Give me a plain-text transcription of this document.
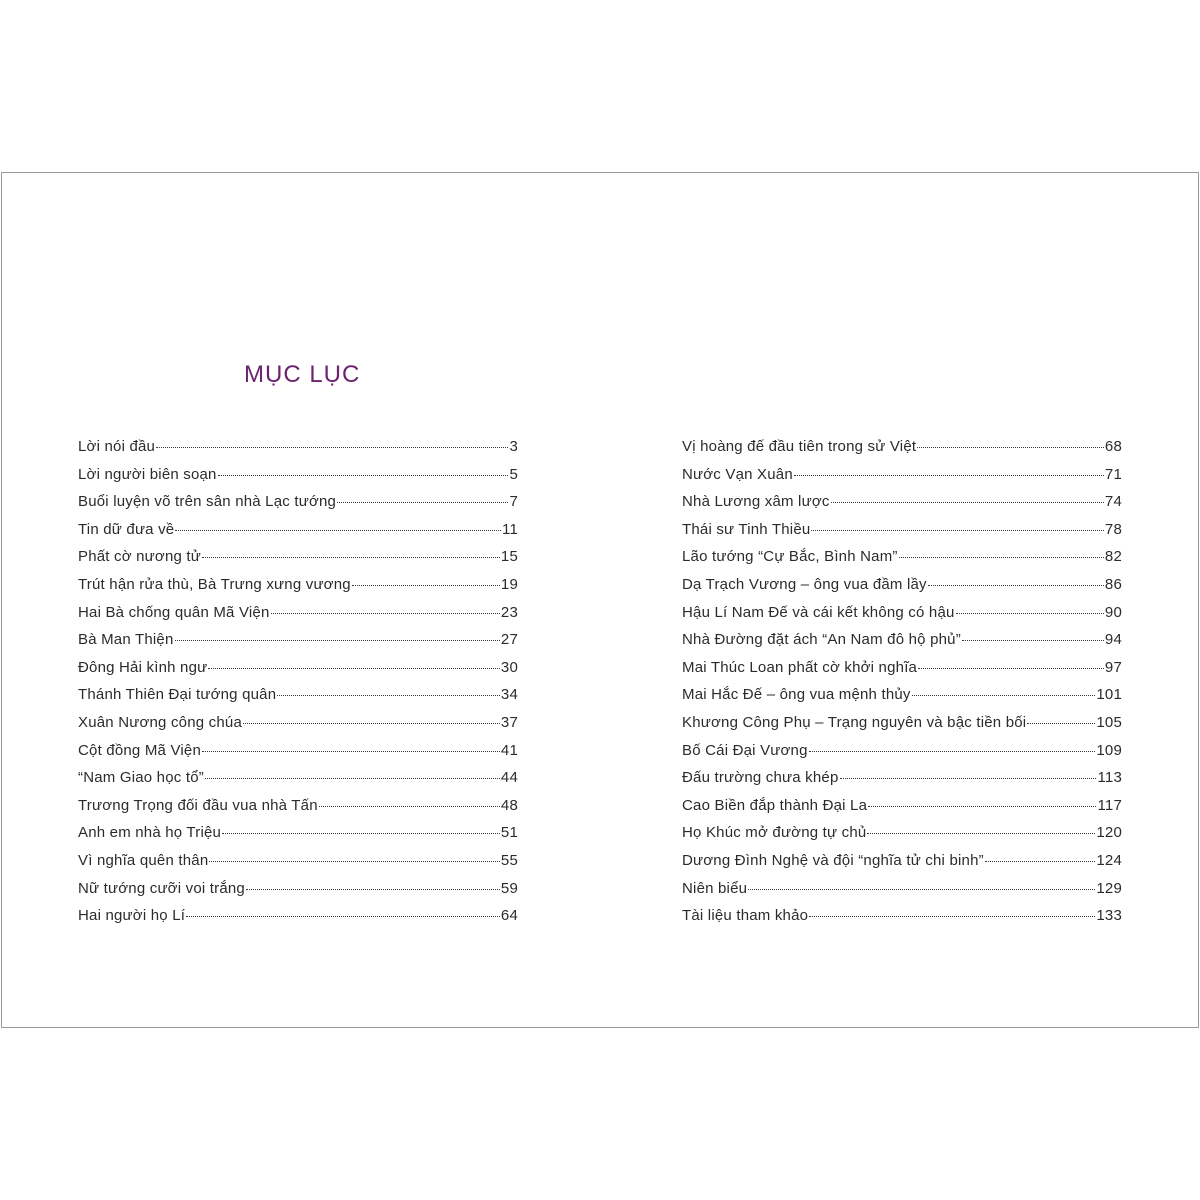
MỤC LỤC
Lời nói đầu	3
Lời người biên soạn	5
Buổi luyện võ trên sân nhà Lạc tướng	7
Tin dữ đưa về	11
Phất cờ nương tử	15
Trút hận rửa thù, Bà Trưng xưng vương	19
Hai Bà chống quân Mã Viện	23
Bà Man Thiện	27
Đông Hải kình ngư	30
Thánh Thiên Đại tướng quân	34
Xuân Nương công chúa	37
Cột đồng Mã Viện	41
“Nam Giao học tổ”	44
Trương Trọng đối đầu vua nhà Tấn	48
Anh em nhà họ Triệu	51
Vì nghĩa quên thân	55
Nữ tướng cưỡi voi trắng	59
Hai người họ Lí	64
Vị hoàng đế đầu tiên trong sử Việt	68
Nước Vạn Xuân	71
Nhà Lương xâm lược	74
Thái sư Tinh Thiều	78
Lão tướng “Cự Bắc, Bình Nam”	82
Dạ Trạch Vương – ông vua đầm lầy	86
Hậu Lí Nam Đế và cái kết không có hậu	90
Nhà Đường đặt ách “An Nam đô hộ phủ”	94
Mai Thúc Loan phất cờ khởi nghĩa	97
Mai Hắc Đế – ông vua mệnh thủy	101
Khương Công Phụ – Trạng nguyên và bậc tiền bối	105
Bố Cái Đại Vương	109
Đấu trường chưa khép	113
Cao Biền đắp thành Đại La	117
Họ Khúc mở đường tự chủ	120
Dương Đình Nghệ và đội “nghĩa tử chi binh”	124
Niên biểu	129
Tài liệu tham khảo	133
